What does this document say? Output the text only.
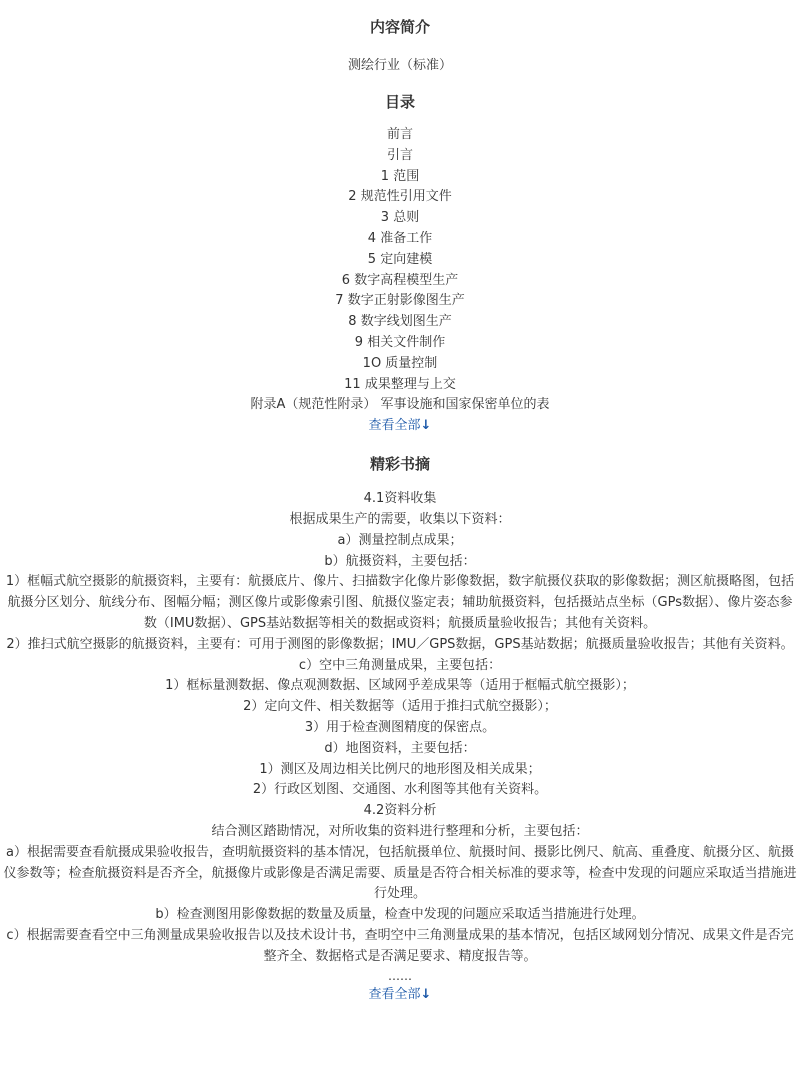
内容简介
测绘行业（标准）
目录
前言
引言
1 范围
2 规范性引用文件
3 总则
4 准备工作
5 定向建模
6 数字高程模型生产
7 数字正射影像图生产
8 数字线划图生产
9 相关文件制作
1O 质量控制
11 成果整理与上交
附录A（规范性附录） 军事设施和国家保密单位的表
查看全部↓
精彩书摘
4.1资料收集
根据成果生产的需要，收集以下资料：
a）测量控制点成果；
b）航摄资料，主要包括：
1）框幅式航空摄影的航摄资料，主要有：航摄底片、像片、扫描数字化像片影像数据，数字航摄仪获取的影像数据；测区航摄略图，包括航摄分区划分、航线分布、图幅分幅；测区像片或影像索引图、航摄仪鉴定表；辅助航摄资料，包括摄站点坐标（GPs数据）、像片姿态参数（IMU数据）、GPS基站数据等相关的数据或资料；航摄质量验收报告；其他有关资料。
2）推扫式航空摄影的航摄资料，主要有：可用于测图的影像数据；IMU／GPS数据，GPS基站数据；航摄质量验收报告；其他有关资料。
c）空中三角测量成果，主要包括：
1）框标量测数据、像点观测数据、区域网乎差成果等（适用于框幅式航空摄影）；
2）定向文件、相关数据等（适用于推扫式航空摄影）；
3）用于检查测图精度的保密点。
d）地图资料，主要包括：
1）测区及周边相关比例尺的地形图及相关成果；
2）行政区划图、交通图、水利图等其他有关资料。
4.2资料分析
结合测区踏勘情况，对所收集的资料进行整理和分析，主要包括：
a）根据需要查看航摄成果验收报告，查明航摄资料的基本情况，包括航摄单位、航摄时间、摄影比例尺、航高、重叠度、航摄分区、航摄仪参数等；检查航摄资料是否齐全，航摄像片或影像是否满足需要、质量是否符合相关标准的要求等，检查中发现的问题应采取适当措施进行处理。
b）检查测图用影像数据的数量及质量，检查中发现的问题应采取适当措施进行处理。
c）根据需要查看空中三角测量成果验收报告以及技术设计书，查明空中三角测量成果的基本情况，包括区域网划分情况、成果文件是否完整齐全、数据格式是否满足要求、精度报告等。
……
查看全部↓
